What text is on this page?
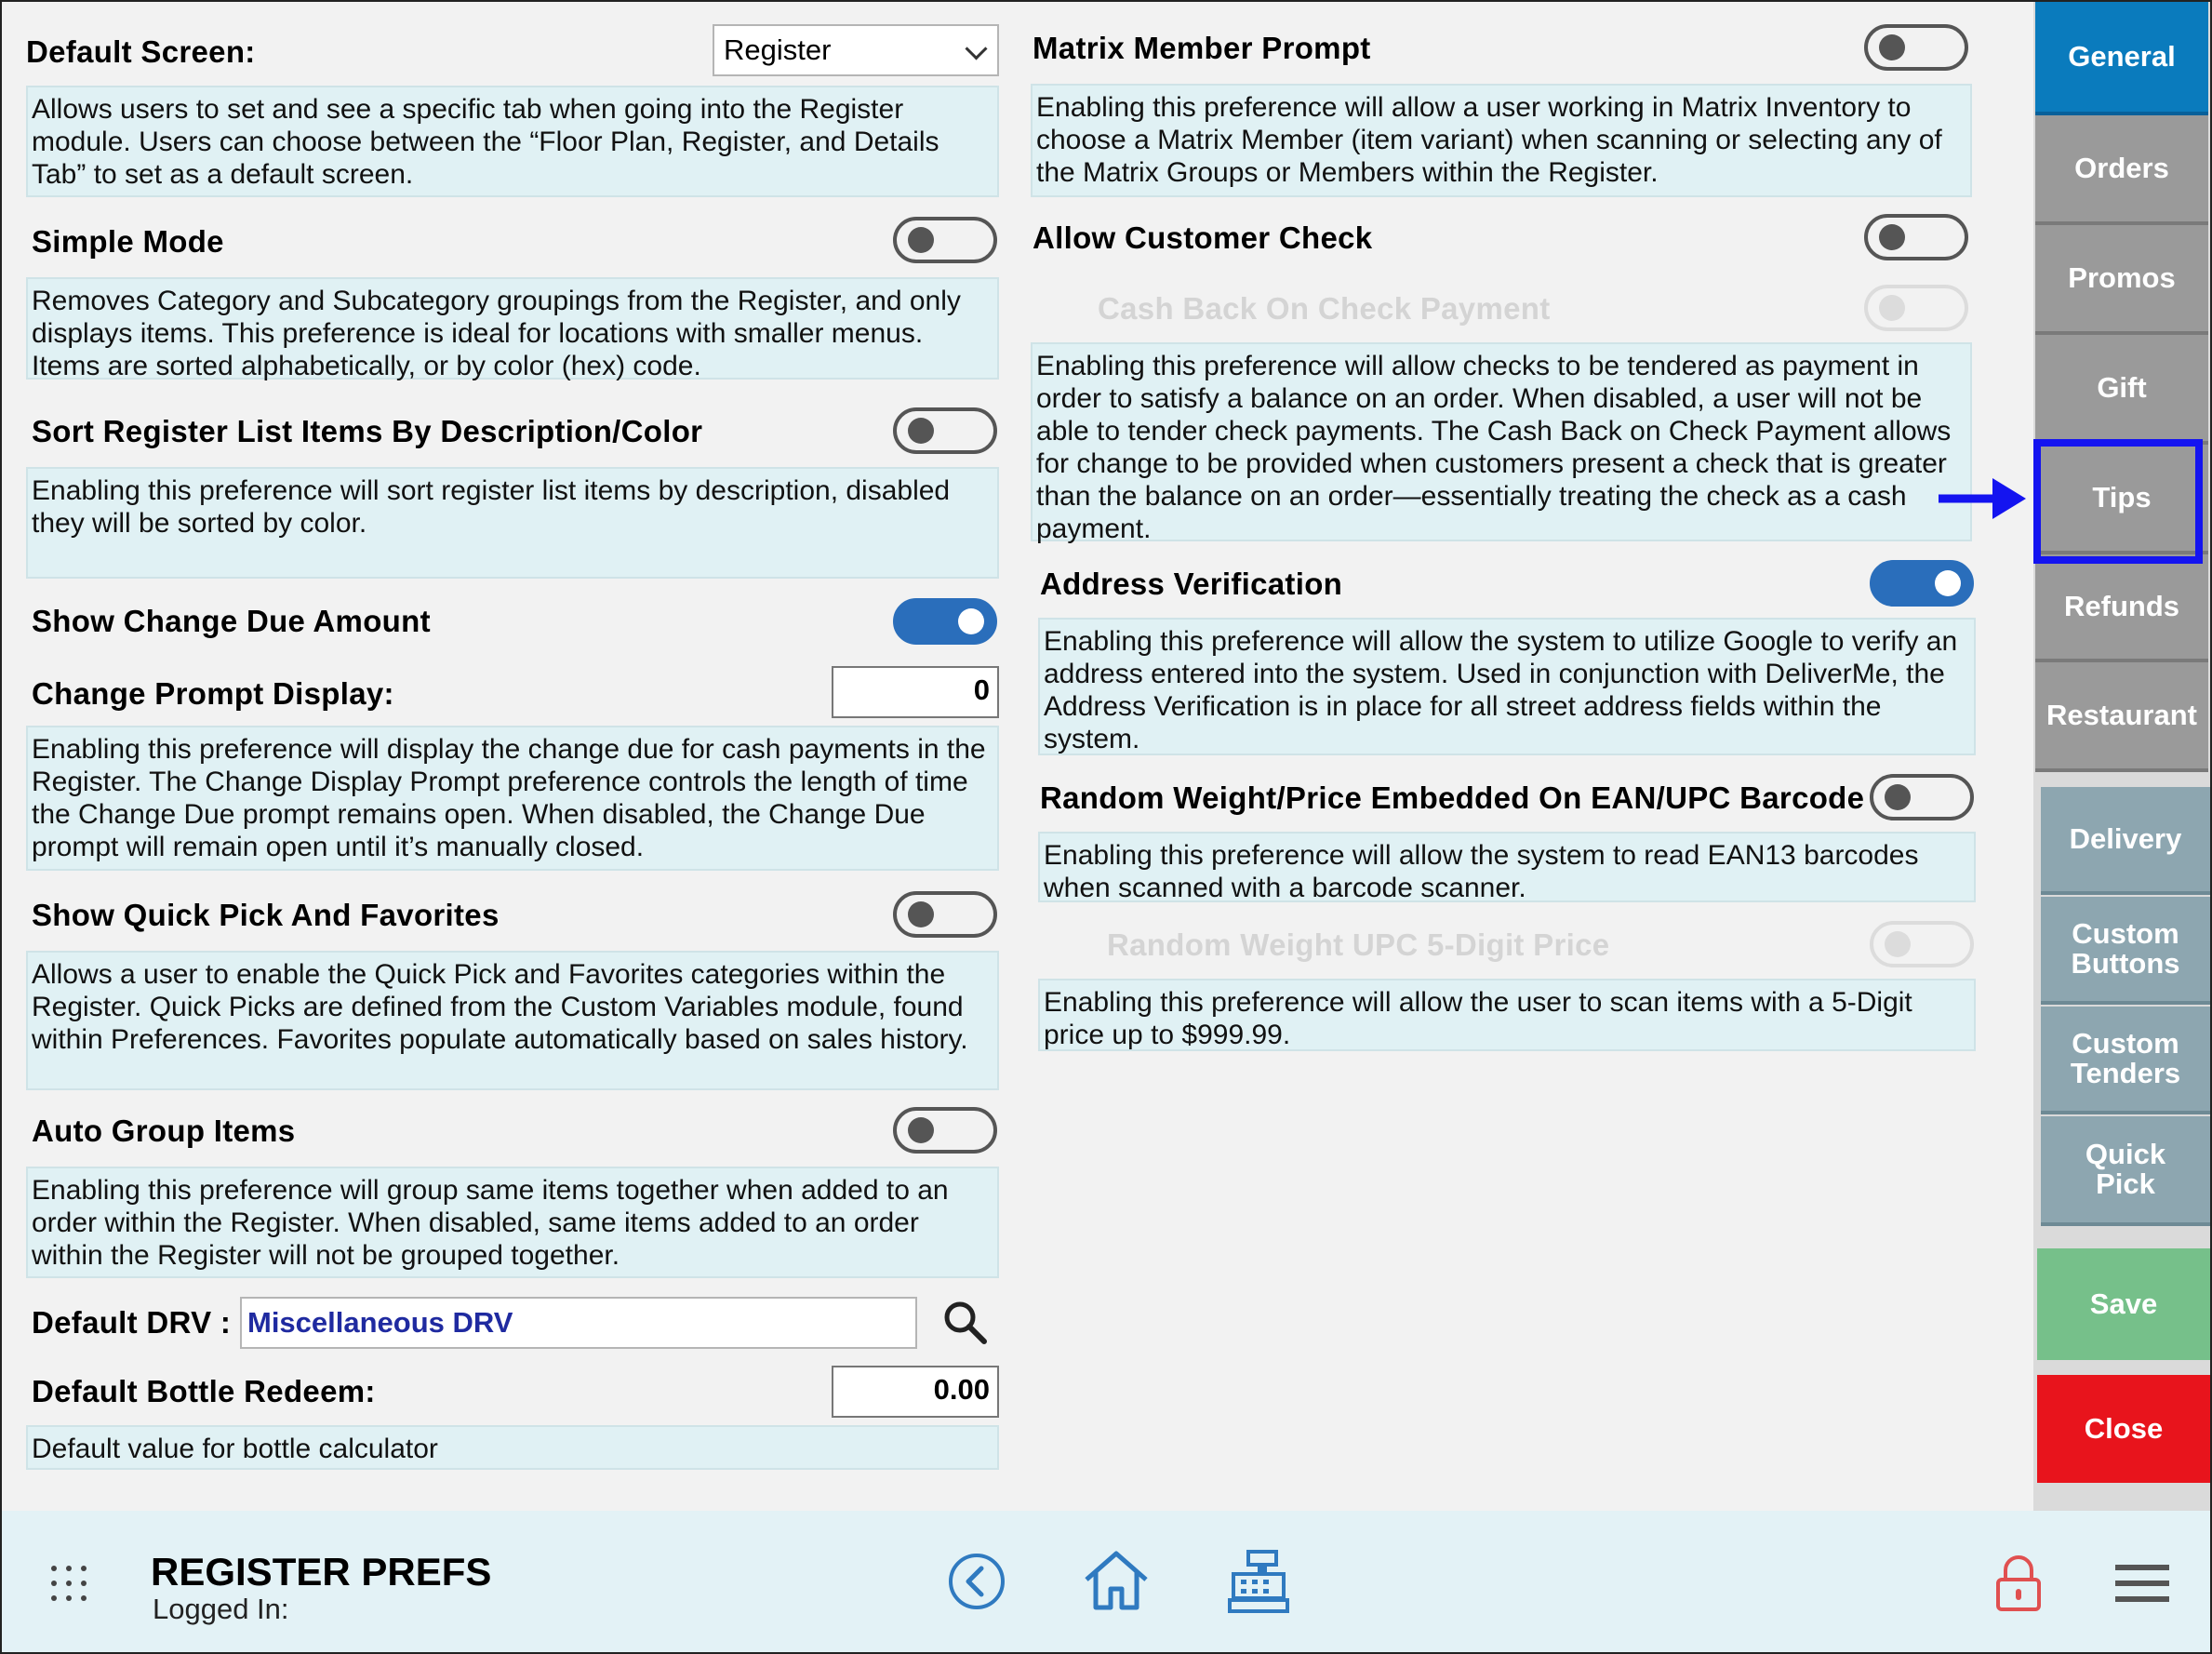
Default Screen:	Register
Allows users to set and see a specific tab when going into the Register module. Users can choose between the “Floor Plan, Register, and Details Tab” to set as a default screen.
Simple Mode
Removes Category and Subcategory groupings from the Register, and only displays items. This preference is ideal for locations with smaller menus. Items are sorted alphabetically, or by color (hex) code.
Sort Register List Items By Description/Color
Enabling this preference will sort register list items by description, disabled they will be sorted by color.
Show Change Due Amount
Change Prompt Display:	0
Enabling this preference will display the change due for cash payments in the Register. The Change Display Prompt preference controls the length of time the Change Due prompt remains open. When disabled, the Change Due prompt will remain open until it’s manually closed.
Show Quick Pick And Favorites
Allows a user to enable the Quick Pick and Favorites categories within the Register. Quick Picks are defined from the Custom Variables module, found within Preferences. Favorites populate automatically based on sales history.
Auto Group Items
Enabling this preference will group same items together when added to an order within the Register. When disabled, same items added to an order within the Register will not be grouped together.
Default DRV : Miscellaneous DRV
Default Bottle Redeem:	0.00
Default value for bottle calculator
Matrix Member Prompt
Enabling this preference will allow a user working in Matrix Inventory to choose a Matrix Member (item variant) when scanning or selecting any of the Matrix Groups or Members within the Register.
Allow Customer Check
Cash Back On Check Payment
Enabling this preference will allow checks to be tendered as payment in order to satisfy a balance on an order. When disabled, a user will not be able to tender check payments. The Cash Back on Check Payment allows for change to be provided when customers present a check that is greater than the balance on an order—essentially treating the check as a cash payment.
Address Verification
Enabling this preference will allow the system to utilize Google to verify an address entered into the system. Used in conjunction with DeliverMe, the Address Verification is in place for all street address fields within the system.
Random Weight/Price Embedded On EAN/UPC Barcode
Enabling this preference will allow the system to read EAN13 barcodes when scanned with a barcode scanner.
Random Weight UPC 5-Digit Price
Enabling this preference will allow the user to scan items with a 5-Digit price up to $999.99.
General
Orders
Promos
Gift
Tips
Refunds
Restaurant
Delivery
Custom Buttons
Custom Tenders
Quick Pick
Save
Close
REGISTER PREFS
Logged In:
